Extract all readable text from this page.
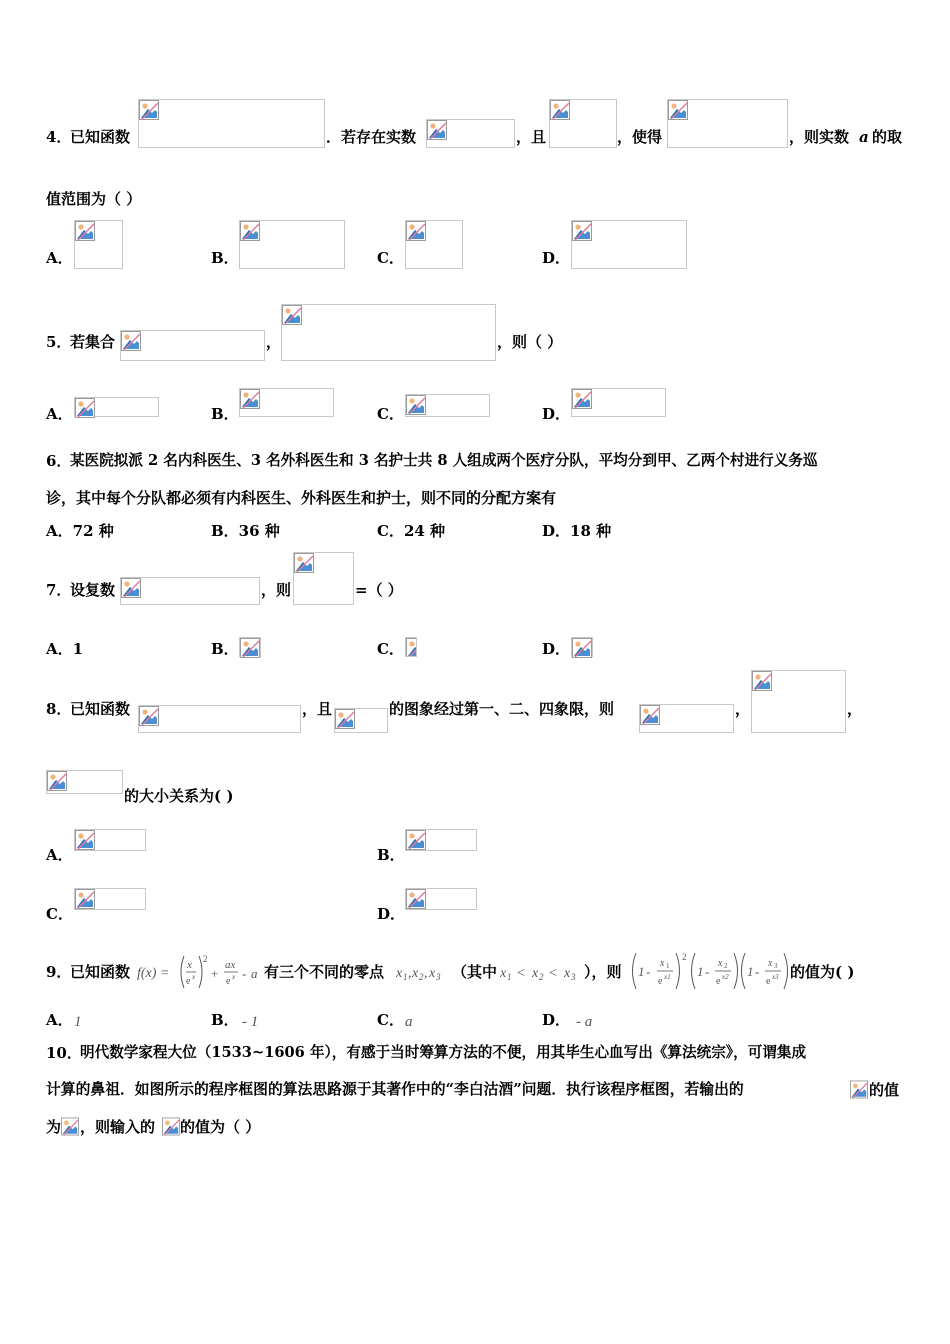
4．
已知函数	．若存在实数	，且	，使得	，则实数 a 的取
值范围为（ ）
A．	B．	C．	D．
5．
若集合	，	，则（ ）
A．	B．	C．	D．
6．
某医院拟派 2 名内科医生、3 名外科医生和 3 名护士共 8 人组成两个医疗分队，平均分到甲、乙两个村进行义务巡
诊，其中每个分队都必须有内科医生、外科医生和护士，则不同的分配方案有
A．72 种	B．36 种	C．24 种	D．18 种
7．
设复数	，则	=（ ）
A．1	B．	C．	D．
8．
已知函数	，且	的图象经过第一、二、四象限，则	，	，
的大小关系为( )
A．	B．
C．	D．
9．
已知函数 f(x) =
x
e x
2
+
ax
e x - a 有三个不同的零点 x 1 , x 2 , x 3 （其中 x 1 < x 2 < x 3 ），则 1 -
x 1
e x1
2
1 -
x 2
e x2 1 -
x 3
e x3 的值为( )
A． 1	B． - 1	C． a	D． - a
10．
明代数学家程大位（1533~1606 年），有感于当时筹算方法的不便，用其毕生心血写出《算法统宗》，可谓集成
计算的鼻祖．如图所示的程序框图的算法思路源于其著作中的“李白沽酒”问题．执行该程序框图，若输出的	的值
为 ，则输入的 的值为（ ）
